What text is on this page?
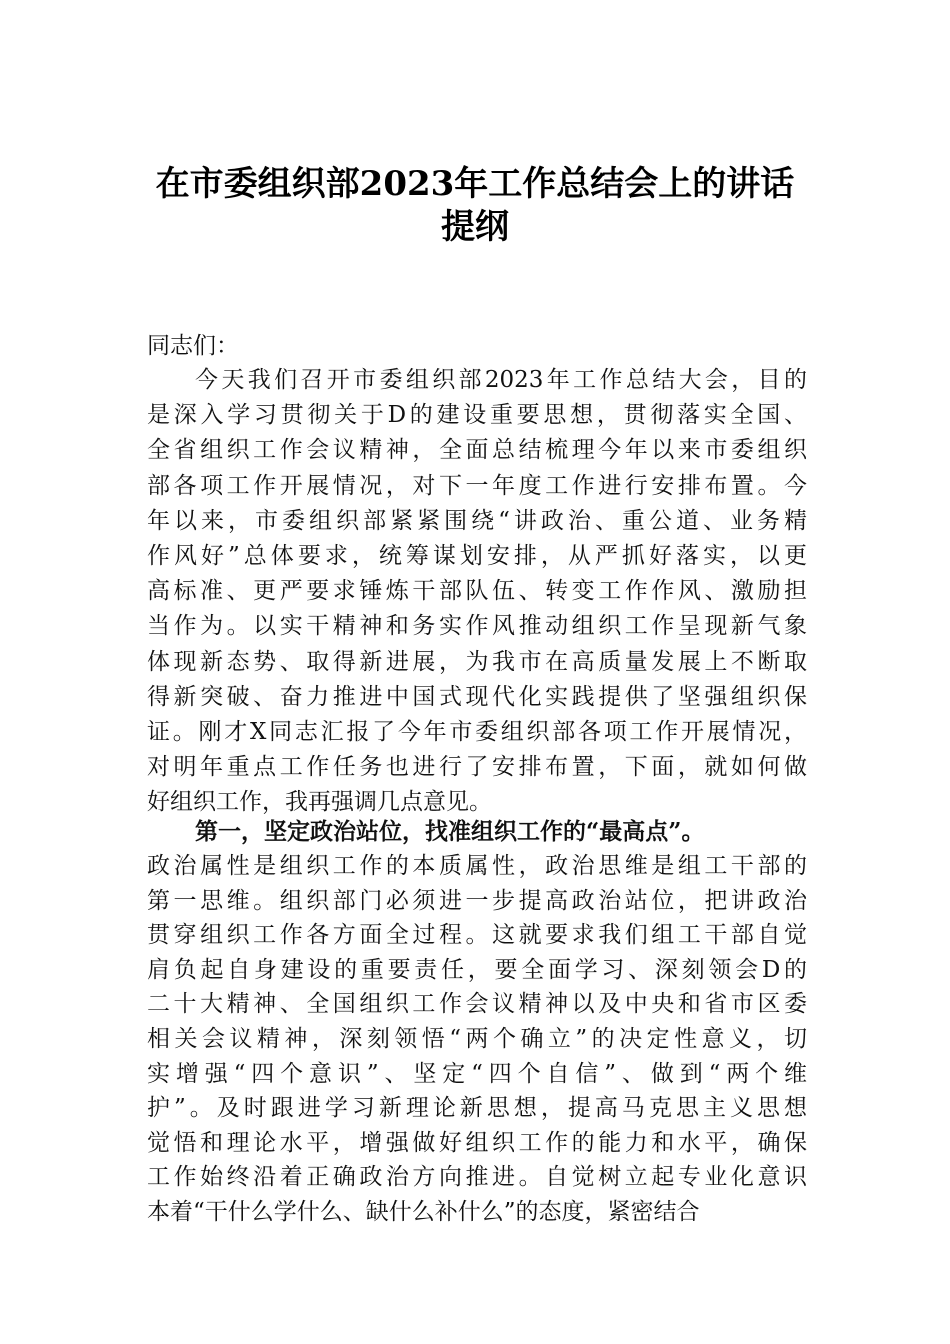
在市委组织部2023年工作总结会上的讲话
提纲
同志们：
今天我们召开市委组织部2023年工作总结大会，目的
是深入学习贯彻关于D的建设重要思想，贯彻落实全国、
全省组织工作会议精神，全面总结梳理今年以来市委组织
部各项工作开展情况，对下一年度工作进行安排布置。今
年以来，市委组织部紧紧围绕“讲政治、重公道、业务精
作风好”总体要求，统筹谋划安排，从严抓好落实，以更
高标准、更严要求锤炼干部队伍、转变工作作风、激励担
当作为。以实干精神和务实作风推动组织工作呈现新气象
体现新态势、取得新进展，为我市在高质量发展上不断取
得新突破、奋力推进中国式现代化实践提供了坚强组织保
证。刚才X同志汇报了今年市委组织部各项工作开展情况，
对明年重点工作任务也进行了安排布置，下面，就如何做
好组织工作，我再强调几点意见。
第一，坚定政治站位，找准组织工作的“最高点”。
政治属性是组织工作的本质属性，政治思维是组工干部的
第一思维。组织部门必须进一步提高政治站位，把讲政治
贯穿组织工作各方面全过程。这就要求我们组工干部自觉
肩负起自身建设的重要责任，要全面学习、深刻领会D的
二十大精神、全国组织工作会议精神以及中央和省市区委
相关会议精神，深刻领悟“两个确立”的决定性意义，切
实增强“四个意识”、坚定“四个自信”、做到“两个维
护”。及时跟进学习新理论新思想，提高马克思主义思想
觉悟和理论水平，增强做好组织工作的能力和水平，确保
工作始终沿着正确政治方向推进。自觉树立起专业化意识
本着“干什么学什么、缺什么补什么”的态度，紧密结合
